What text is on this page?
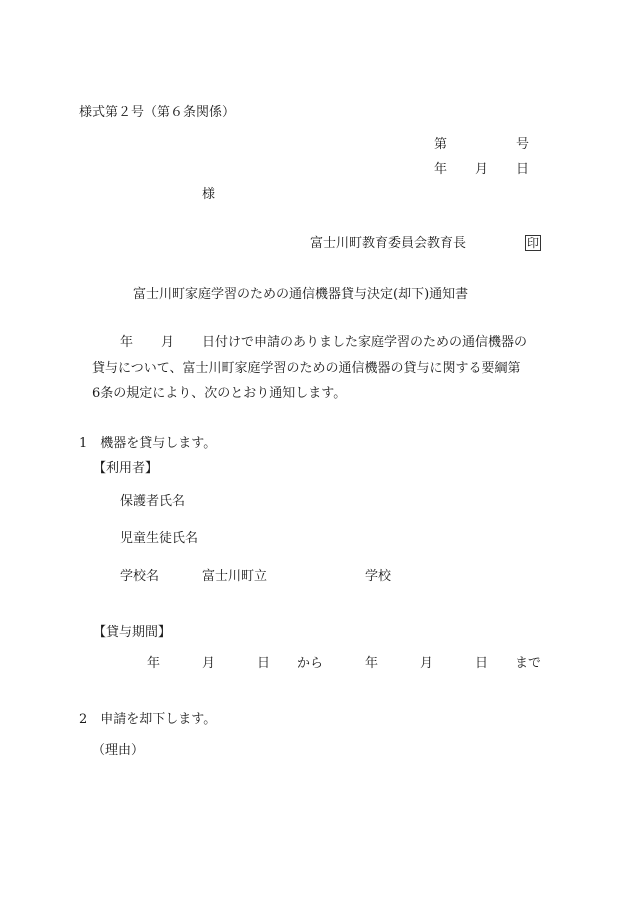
様式第２号（第６条関係）
第	号
年 月 日
様
富士川町教育委員会教育長	印
富士川町家庭学習のための通信機器貸与決定(却下)通知書
年 月 日付けで申請のありました家庭学習のための通信機器の
貸与について、富士川町家庭学習のための通信機器の貸与に関する要綱第
6条の規定により、次のとおり通知します。
1　機器を貸与します。
【利用者】
保護者氏名
児童生徒氏名
学校名	富士川町立	学校
【貸与期間】
年	月	日 から	年	月	日 まで
2　申請を却下します。
（理由）
